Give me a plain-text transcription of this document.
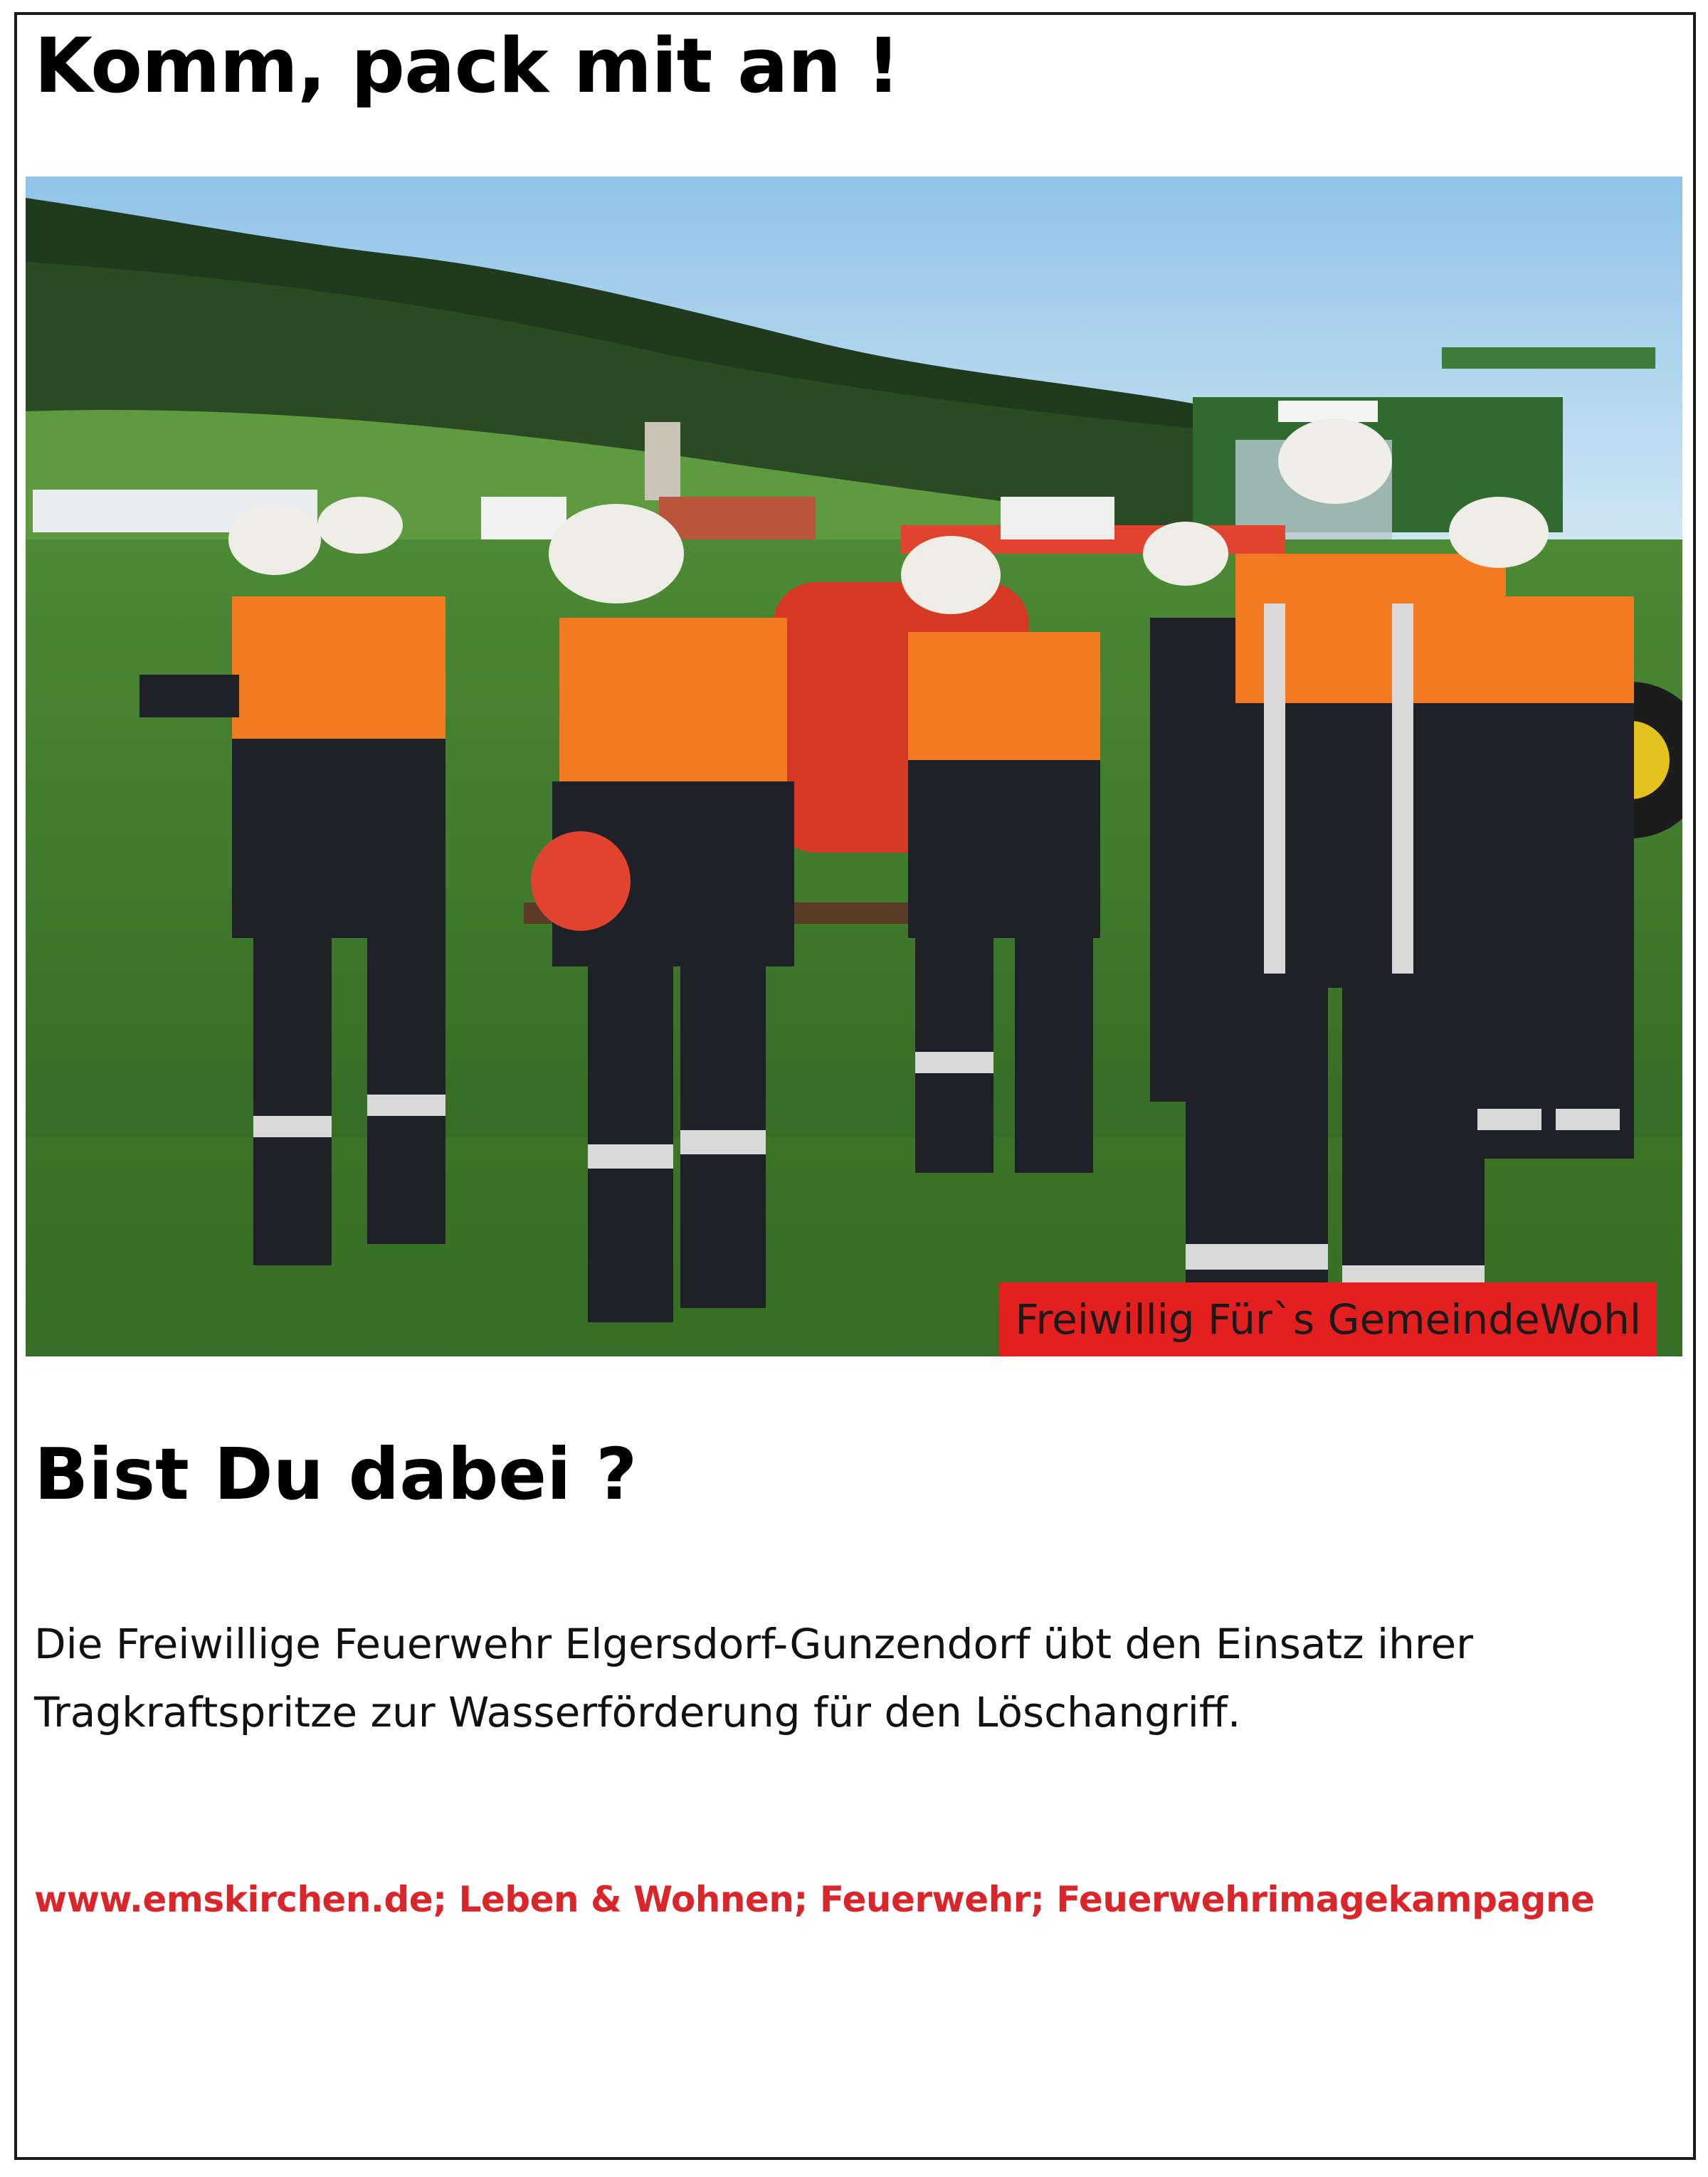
Komm, pack mit an !
Freiwillig Für`s GemeindeWohl
Bist Du dabei ?

Die Freiwillige Feuerwehr Elgersdorf-Gunzendorf übt den Einsatz ihrer
Tragkraftspritze zur Wasserförderung für den Löschangriff.

www.emskirchen.de; Leben & Wohnen; Feuerwehr; Feuerwehrimagekampagne
